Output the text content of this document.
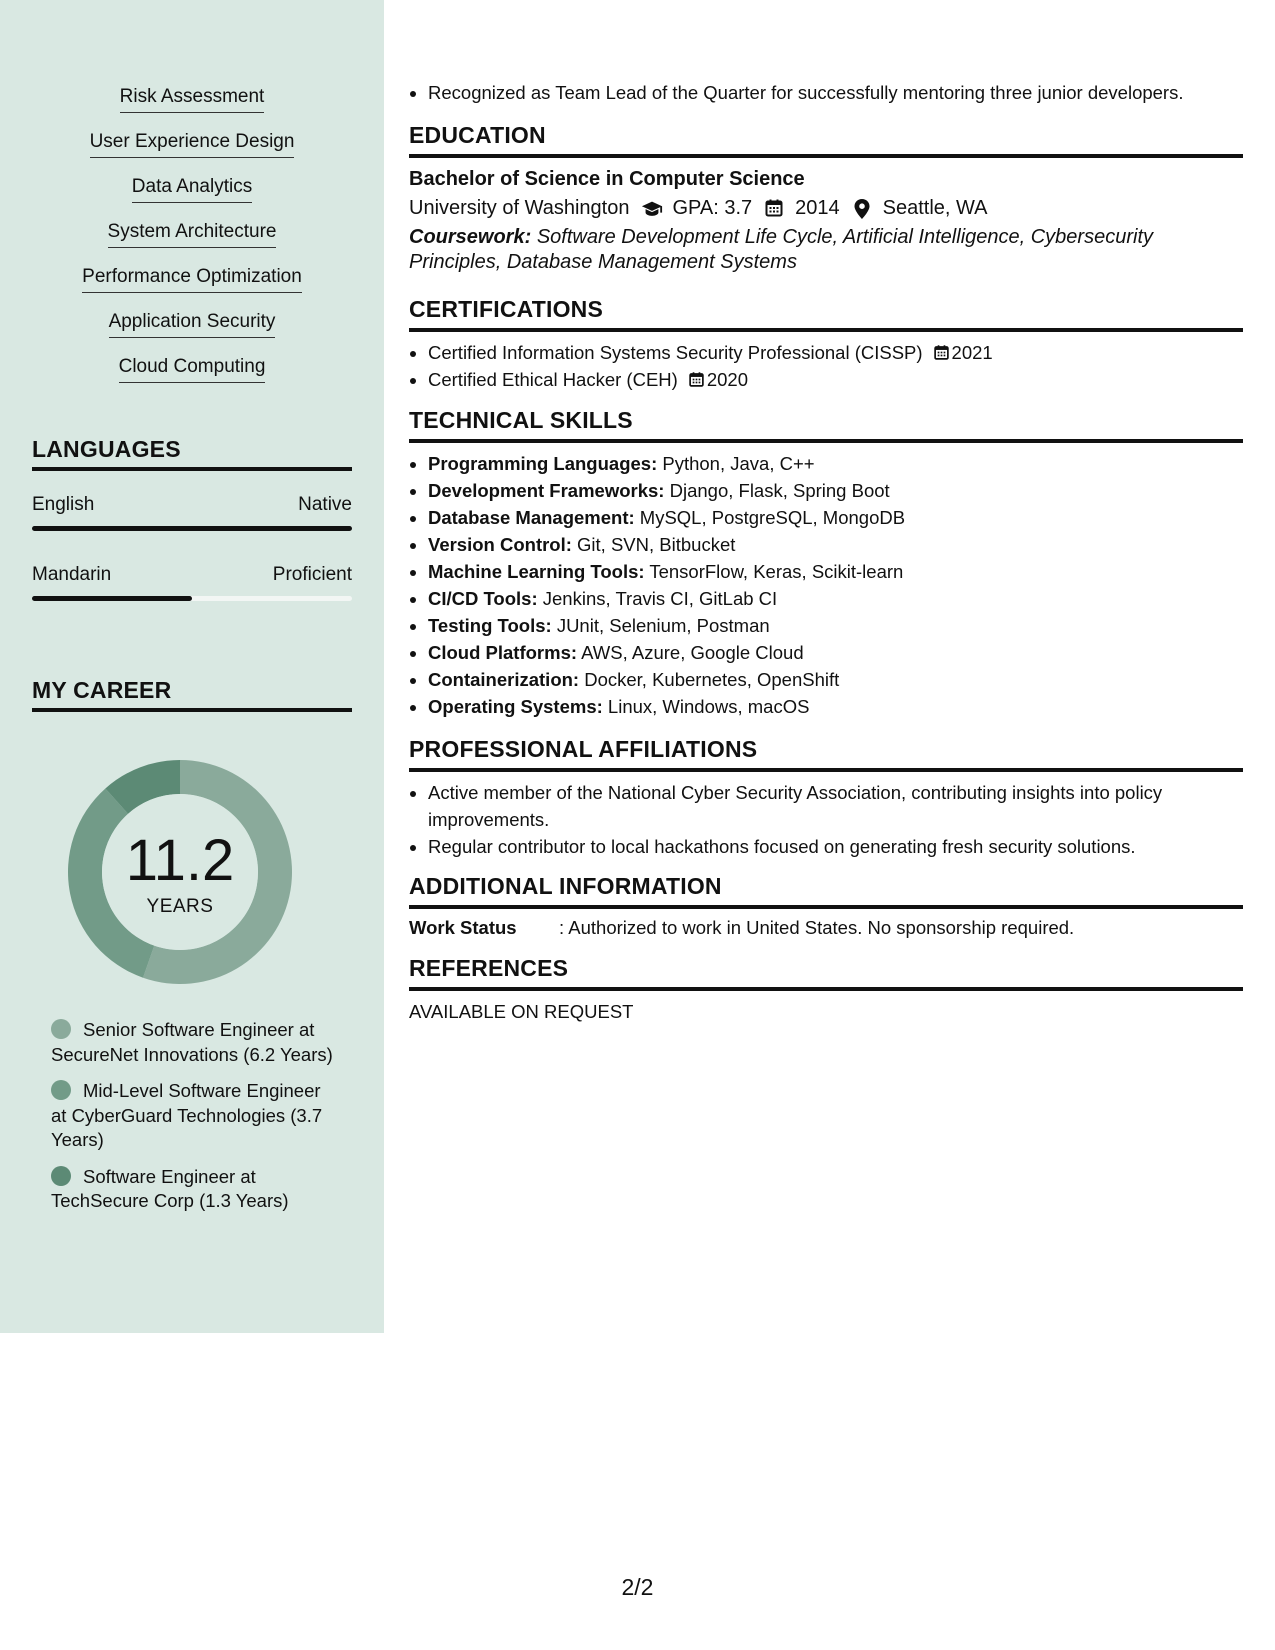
Risk Assessment
User Experience Design
Data Analytics
System Architecture
Performance Optimization
Application Security
Cloud Computing
LANGUAGES
English	Native
Mandarin	Proficient
MY CAREER
11.2
YEARS
Senior Software Engineer at SecureNet Innovations (6.2 Years)
Mid-Level Software Engineer at CyberGuard Technologies (3.7 Years)
Software Engineer at TechSecure Corp (1.3 Years)
• Recognized as Team Lead of the Quarter for successfully mentoring three junior developers.
EDUCATION
Bachelor of Science in Computer Science
University of Washington GPA: 3.7 2014 Seattle, WA
Coursework: Software Development Life Cycle, Artificial Intelligence, Cybersecurity Principles, Database Management Systems
CERTIFICATIONS
• Certified Information Systems Security Professional (CISSP) 2021
• Certified Ethical Hacker (CEH) 2020
TECHNICAL SKILLS
• Programming Languages: Python, Java, C++
• Development Frameworks: Django, Flask, Spring Boot
• Database Management: MySQL, PostgreSQL, MongoDB
• Version Control: Git, SVN, Bitbucket
• Machine Learning Tools: TensorFlow, Keras, Scikit-learn
• CI/CD Tools: Jenkins, Travis CI, GitLab CI
• Testing Tools: JUnit, Selenium, Postman
• Cloud Platforms: AWS, Azure, Google Cloud
• Containerization: Docker, Kubernetes, OpenShift
• Operating Systems: Linux, Windows, macOS
PROFESSIONAL AFFILIATIONS
• Active member of the National Cyber Security Association, contributing insights into policy improvements.
• Regular contributor to local hackathons focused on generating fresh security solutions.
ADDITIONAL INFORMATION
Work Status	: Authorized to work in United States. No sponsorship required.
REFERENCES
AVAILABLE ON REQUEST
2/2
